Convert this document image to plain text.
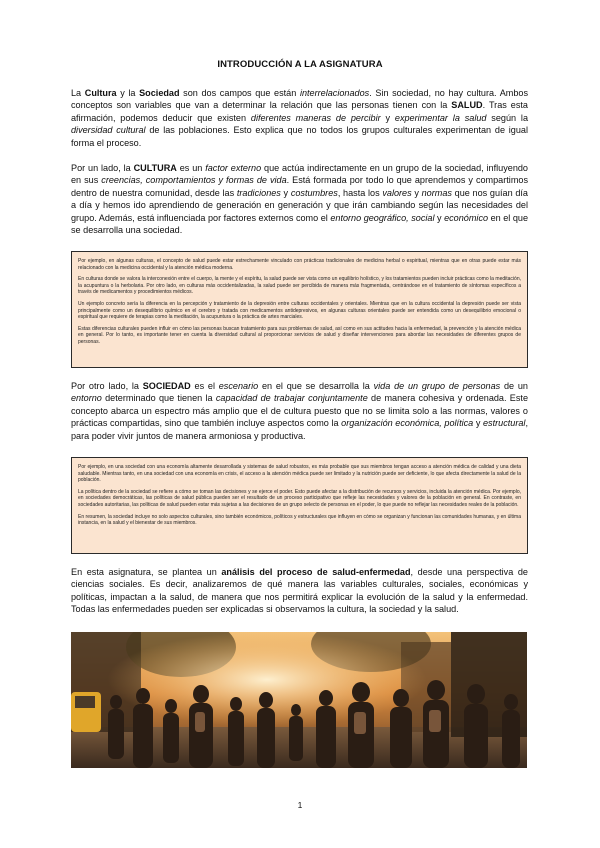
INTRODUCCIÓN A LA ASIGNATURA

La Cultura y la Sociedad son dos campos que están interrelacionados. Sin sociedad, no hay cultura. Ambos conceptos son variables que van a determinar la relación que las personas tienen con la SALUD. Tras esta afirmación, podemos deducir que existen diferentes maneras de percibir y experimentar la salud según la diversidad cultural de las poblaciones. Esto explica que no todos los grupos culturales experimentan de igual forma el proceso.

Por un lado, la CULTURA es un factor externo que actúa indirectamente en un grupo de la sociedad, influyendo en sus creencias, comportamientos y formas de vida. Está formada por todo lo que aprendemos y compartimos dentro de nuestra comunidad, desde las tradiciones y costumbres, hasta los valores y normas que nos guían día a día y hemos ido aprendiendo de generación en generación y que irán cambiando según las necesidades del grupo. Además, está influenciada por factores externos como el entorno geográfico, social y económico en el que se desarrolla una sociedad.

Por ejemplo, en algunas culturas, el concepto de salud puede estar estrechamente vinculado con prácticas tradicionales de medicina herbal o espiritual, mientras que en otras puede estar más relacionado con la medicina occidental y la atención médica moderna.

En culturas donde se valora la interconexión entre el cuerpo, la mente y el espíritu, la salud puede ser vista como un equilibrio holístico, y los tratamientos pueden incluir prácticas como la meditación, la acupuntura o la herbolaria. Por otro lado, en culturas más occidentalizadas, la salud puede ser percibida de manera más fragmentada, centrándose en el tratamiento de síntomas específicos a través de medicamentos y procedimientos médicos.

Un ejemplo concreto sería la diferencia en la percepción y tratamiento de la depresión entre culturas occidentales y orientales. Mientras que en la cultura occidental la depresión puede ser vista principalmente como un desequilibrio químico en el cerebro y tratada con medicamentos antidepresivos, en algunas culturas orientales puede ser entendida como un desequilibrio emocional o espiritual que requiere de terapias como la meditación, la acupuntura o la práctica de artes marciales.

Estas diferencias culturales pueden influir en cómo las personas buscan tratamiento para sus problemas de salud, así como en sus actitudes hacia la enfermedad, la prevención y la atención médica en general. Por lo tanto, es importante tener en cuenta la diversidad cultural al proporcionar servicios de salud y diseñar intervenciones para abordar las necesidades de diferentes grupos de personas.

Por otro lado, la SOCIEDAD es el escenario en el que se desarrolla la vida de un grupo de personas de un entorno determinado que tienen la capacidad de trabajar conjuntamente de manera cohesiva y ordenada. Este concepto abarca un espectro más amplio que el de cultura puesto que no se limita solo a las normas, valores o prácticas compartidas, sino que también incluye aspectos como la organización económica, política y estructural, para poder vivir juntos de manera armoniosa y productiva.

Por ejemplo, en una sociedad con una economía altamente desarrollada y sistemas de salud robustos, es más probable que sus miembros tengan acceso a atención médica de calidad y una dieta saludable. Mientras tanto, en una sociedad con una economía en crisis, el acceso a la atención médica puede ser limitado y la nutrición puede ser deficiente, lo que afecta directamente la salud de la población.

La política dentro de la sociedad se refiere a cómo se toman las decisiones y se ejerce el poder. Esto puede afectar a la distribución de recursos y servicios, incluida la atención médica. Por ejemplo, en sociedades democráticas, las políticas de salud pública pueden ser el resultado de un proceso participativo que refleje las necesidades y valores de la población en general. En contraste, en sociedades autoritarias, las políticas de salud pueden estar más sujetas a las decisiones de un grupo selecto de personas en el poder, lo que puede no reflejar las necesidades reales de la población.

En resumen, la sociedad incluye no solo aspectos culturales, sino también económicos, políticos y estructurales que influyen en cómo se organizan y funcionan las comunidades humanas, y en última instancia, en la salud y el bienestar de sus miembros.

En esta asignatura, se plantea un análisis del proceso de salud-enfermedad, desde una perspectiva de ciencias sociales. Es decir, analizaremos de qué manera las variables culturales, sociales, económicas y políticas, impactan a la salud, de manera que nos permitirá explicar la evolución de la salud y la enfermedad. Todas las enfermedades pueden ser explicadas si observamos la cultura, la sociedad y la salud.

1
